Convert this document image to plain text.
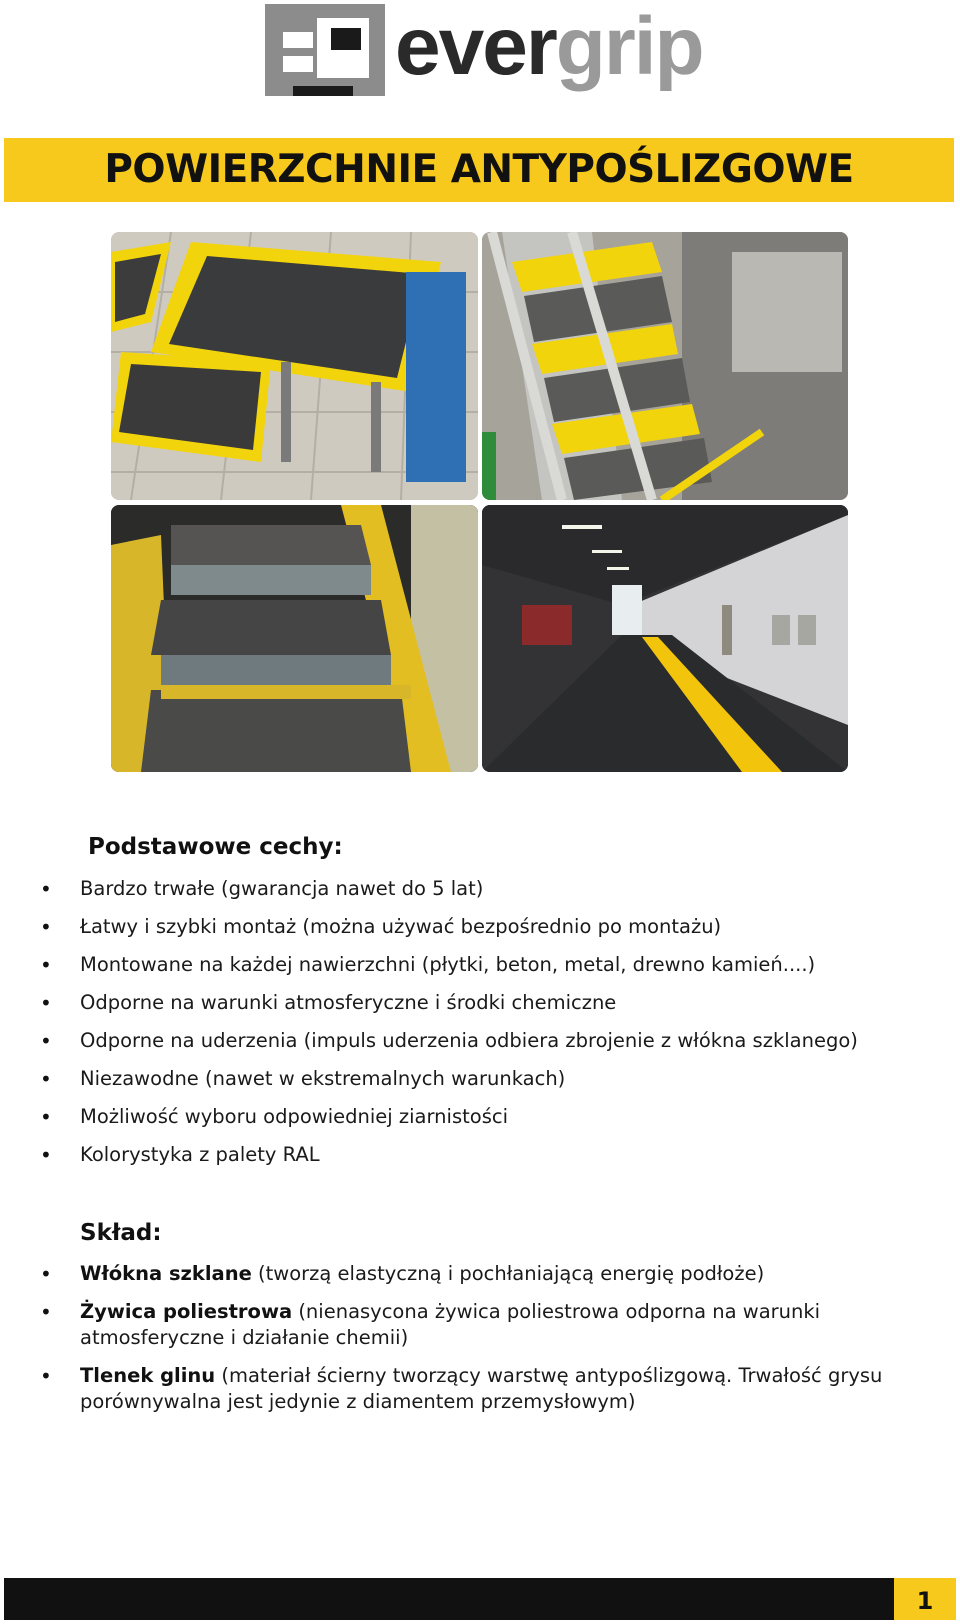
evergrip
POWIERZCHNIE ANTYPOŚLIZGOWE
Podstawowe cechy:
• Bardzo trwałe (gwarancja nawet do 5 lat)
• Łatwy i szybki montaż (można używać bezpośrednio po montażu)
• Montowane na każdej nawierzchni (płytki, beton, metal, drewno kamień....)
• Odporne na warunki atmosferyczne i środki chemiczne
• Odporne na uderzenia (impuls uderzenia odbiera zbrojenie z włókna szklanego)
• Niezawodne (nawet w ekstremalnych warunkach)
• Możliwość wyboru odpowiedniej ziarnistości
• Kolorystyka z palety RAL
Skład:
• Włókna szklane (tworzą elastyczną i pochłaniającą energię podłoże)
• Żywica poliestrowa (nienasycona żywica poliestrowa odporna na warunki atmosferyczne i działanie chemii)
• Tlenek glinu (materiał ścierny tworzący warstwę antypoślizgową. Trwałość grysu porównywalna jest jedynie z diamentem przemysłowym)
1
